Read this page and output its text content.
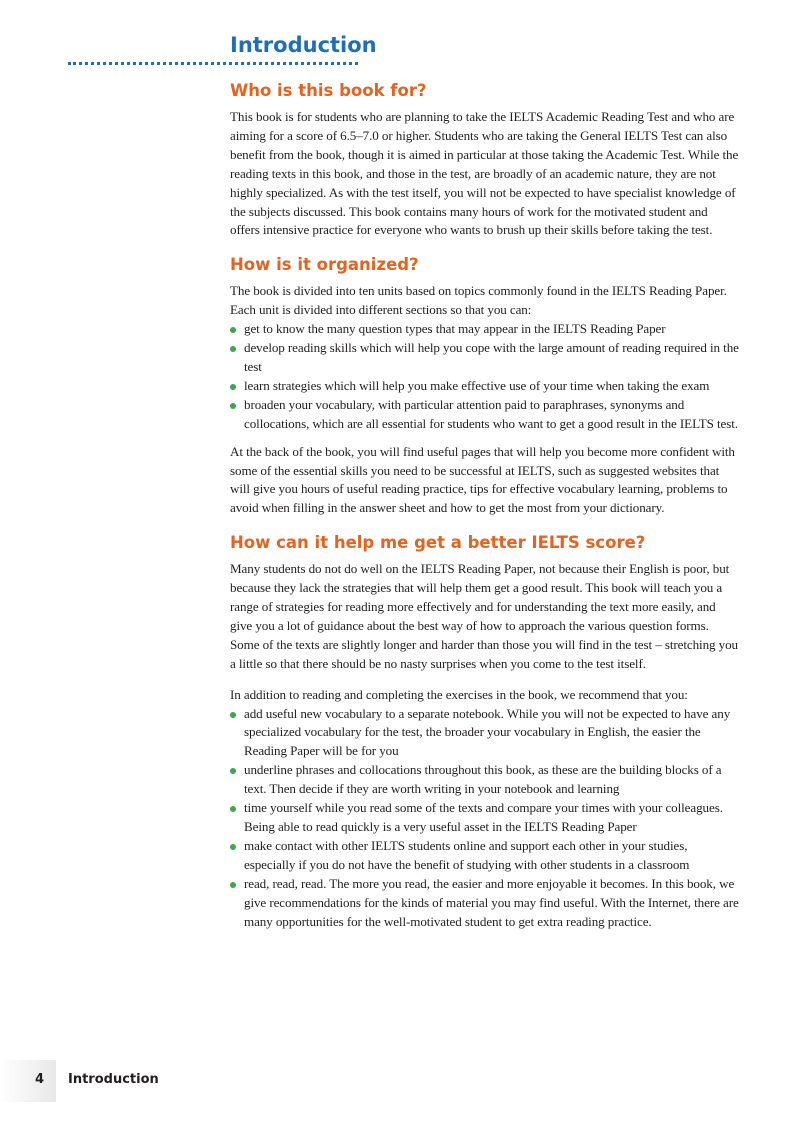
Introduction
Who is this book for?

This book is for students who are planning to take the IELTS Academic Reading Test and who are aiming for a score of 6.5–7.0 or higher. Students who are taking the General IELTS Test can also benefit from the book, though it is aimed in particular at those taking the Academic Test. While the reading texts in this book, and those in the test, are broadly of an academic nature, they are not highly specialized. As with the test itself, you will not be expected to have specialist knowledge of the subjects discussed. This book contains many hours of work for the motivated student and offers intensive practice for everyone who wants to brush up their skills before taking the test.

How is it organized?

The book is divided into ten units based on topics commonly found in the IELTS Reading Paper. Each unit is divided into different sections so that you can:

get to know the many question types that may appear in the IELTS Reading Paper
develop reading skills which will help you cope with the large amount of reading required in the test
learn strategies which will help you make effective use of your time when taking the exam
broaden your vocabulary, with particular attention paid to paraphrases, synonyms and collocations, which are all essential for students who want to get a good result in the IELTS test.

At the back of the book, you will find useful pages that will help you become more confident with some of the essential skills you need to be successful at IELTS, such as suggested websites that will give you hours of useful reading practice, tips for effective vocabulary learning, problems to avoid when filling in the answer sheet and how to get the most from your dictionary.

How can it help me get a better IELTS score?

Many students do not do well on the IELTS Reading Paper, not because their English is poor, but because they lack the strategies that will help them get a good result. This book will teach you a range of strategies for reading more effectively and for understanding the text more easily, and give you a lot of guidance about the best way of how to approach the various question forms. Some of the texts are slightly longer and harder than those you will find in the test – stretching you a little so that there should be no nasty surprises when you come to the test itself.

In addition to reading and completing the exercises in the book, we recommend that you:

add useful new vocabulary to a separate notebook. While you will not be expected to have any specialized vocabulary for the test, the broader your vocabulary in English, the easier the Reading Paper will be for you
underline phrases and collocations throughout this book, as these are the building blocks of a text. Then decide if they are worth writing in your notebook and learning
time yourself while you read some of the texts and compare your times with your colleagues. Being able to read quickly is a very useful asset in the IELTS Reading Paper
make contact with other IELTS students online and support each other in your studies, especially if you do not have the benefit of studying with other students in a classroom
read, read, read. The more you read, the easier and more enjoyable it becomes. In this book, we give recommendations for the kinds of material you may find useful. With the Internet, there are many opportunities for the well-motivated student to get extra reading practice.
4 Introduction
